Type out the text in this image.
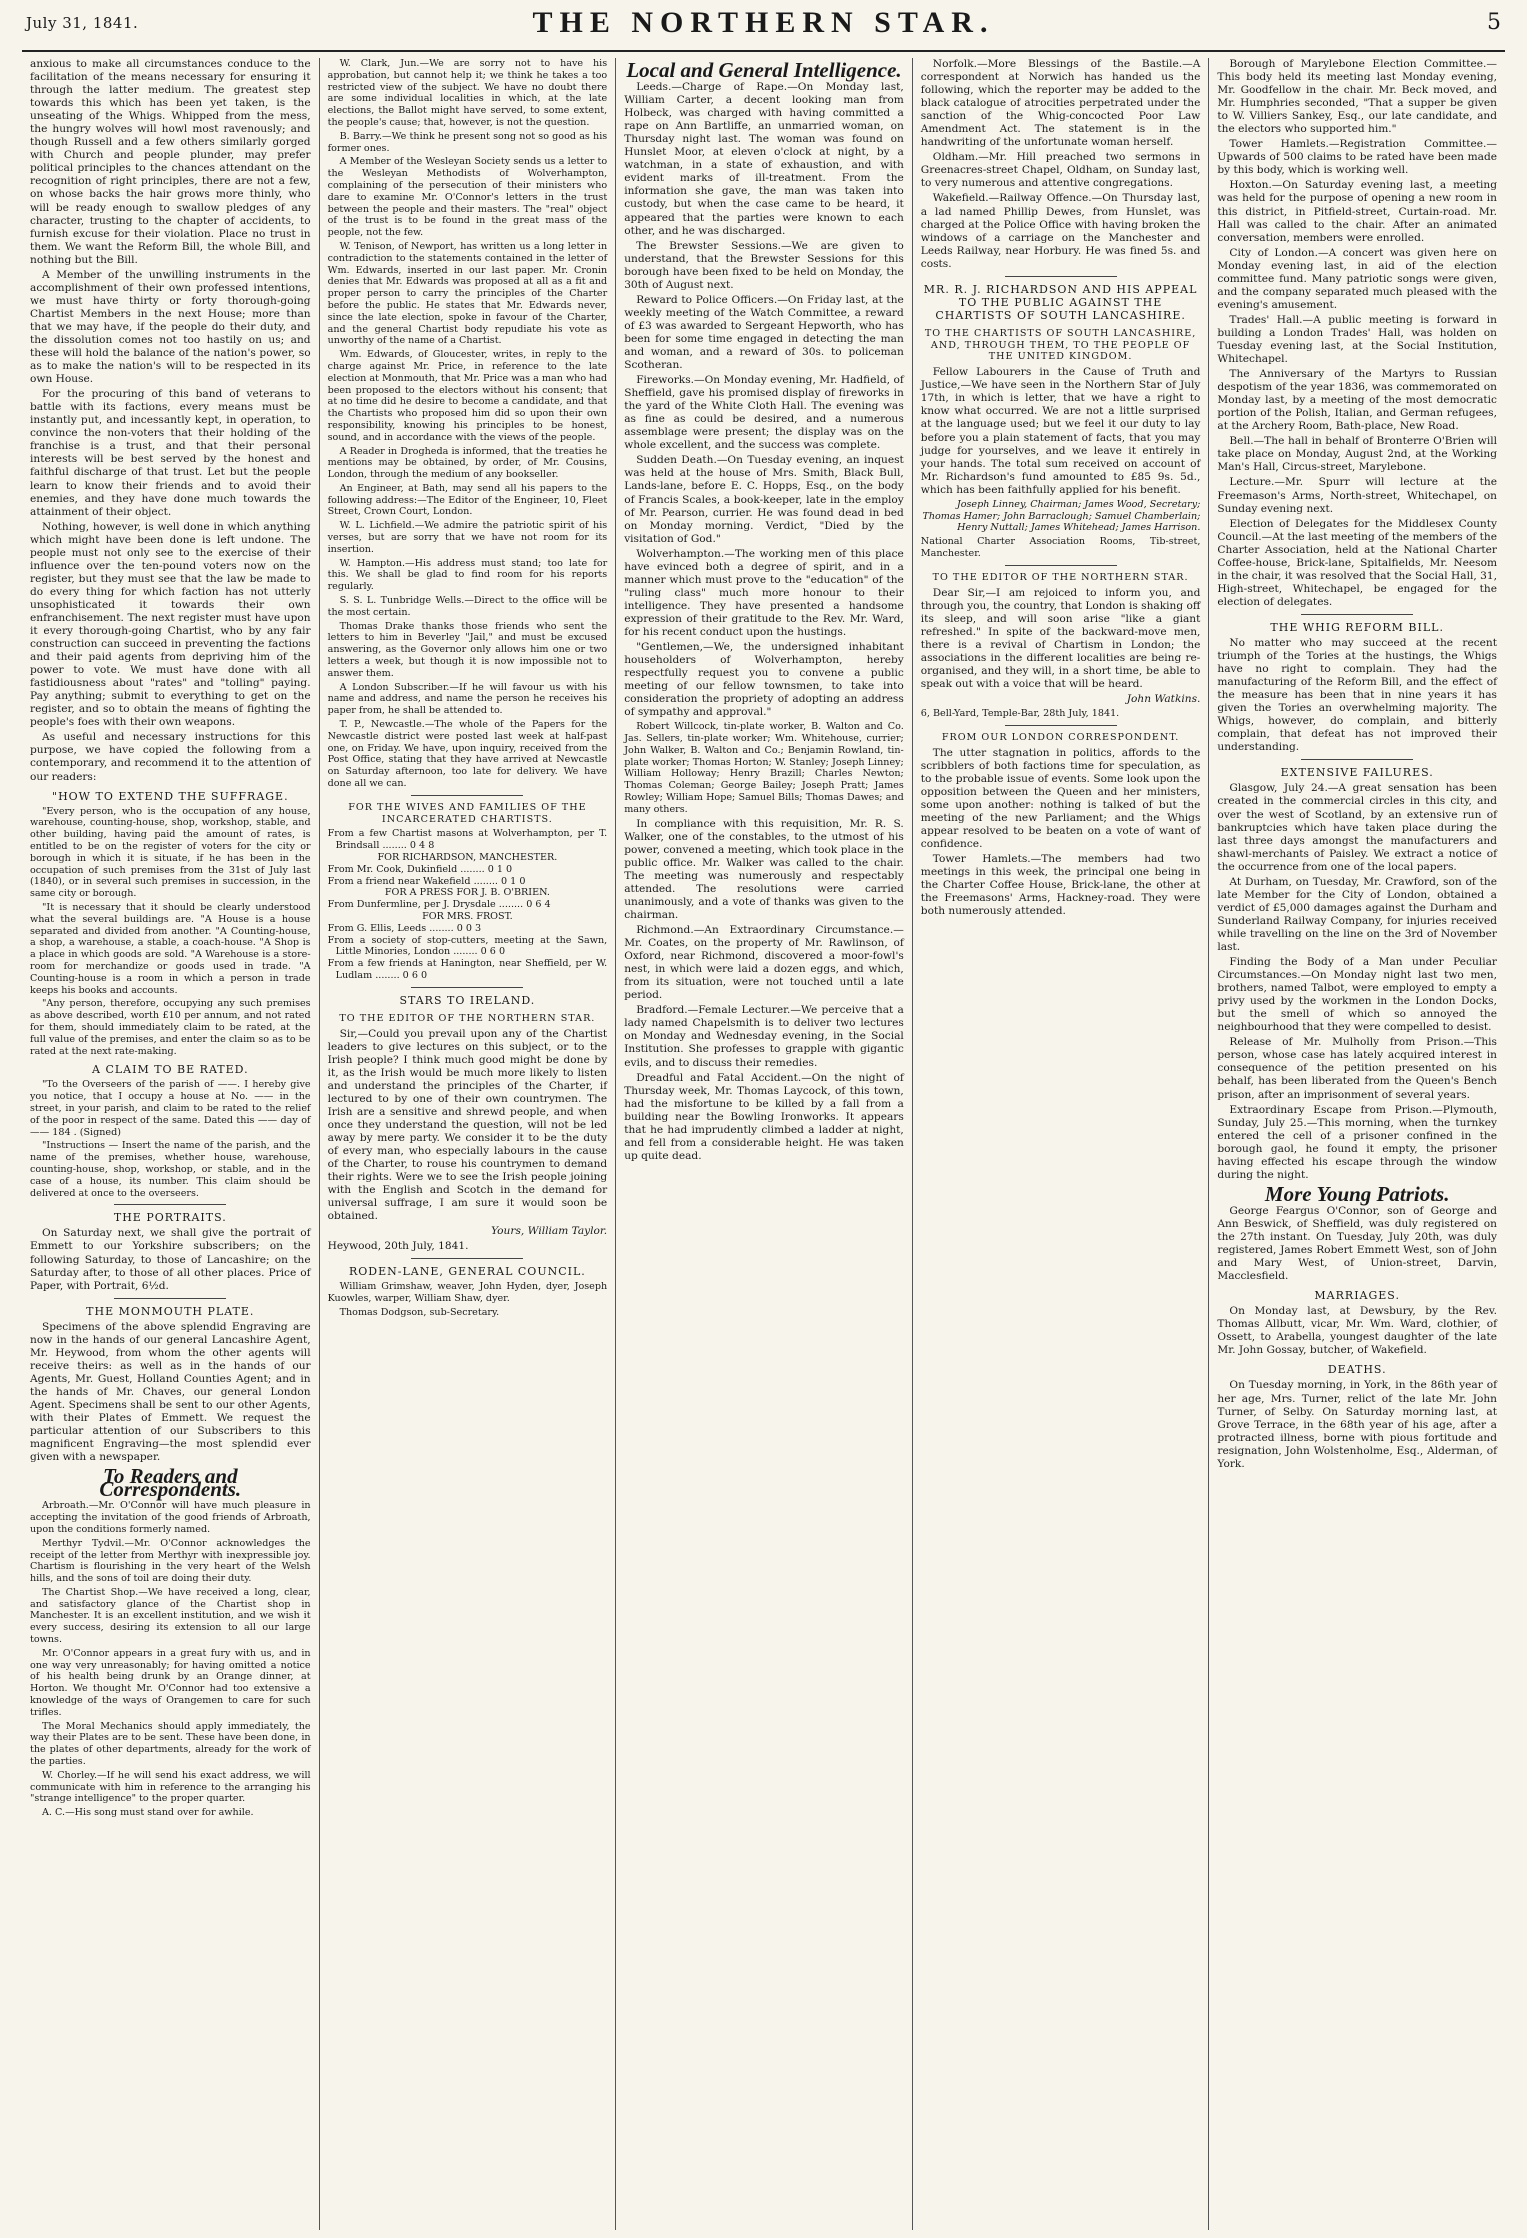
July 31, 1841.	THE NORTHERN STAR.	5

anxious to make all circumstances conduce to the facilitation of the means necessary for ensuring it through the latter medium. The greatest step towards this which has been yet taken, is the unseating of the Whigs. Whipped from the mess, the hungry wolves will howl most ravenously; and though Russell and a few others similarly gorged with Church and people plunder, may prefer political principles to the chances attendant on the recognition of right principles, there are not a few, on whose backs the hair grows more thinly, who will be ready enough to swallow pledges of any character, trusting to the chapter of accidents, to furnish excuse for their violation. Place no trust in them. We want the Reform Bill, the whole Bill, and nothing but the Bill.

A Member of the unwilling instruments in the accomplishment of their own professed intentions, we must have thirty or forty thorough-going Chartist Members in the next House; more than that we may have, if the people do their duty, and the dissolution comes not too hastily on us; and these will hold the balance of the nation's power, so as to make the nation's will to be respected in its own House.

For the procuring of this band of veterans to battle with its factions, every means must be instantly put, and incessantly kept, in operation, to convince the non-voters that their holding of the franchise is a trust, and that their personal interests will be best served by the honest and faithful discharge of that trust. Let but the people learn to know their friends and to avoid their enemies, and they have done much towards the attainment of their object.

Nothing, however, is well done in which anything which might have been done is left undone. The people must not only see to the exercise of their influence over the ten-pound voters now on the register, but they must see that the law be made to do every thing for which faction has not utterly unsophisticated it towards their own enfranchisement. The next register must have upon it every thorough-going Chartist, who by any fair construction can succeed in preventing the factions and their paid agents from depriving him of the power to vote. We must have done with all fastidiousness about "rates" and "tolling" paying. Pay anything; submit to everything to get on the register, and so to obtain the means of fighting the people's foes with their own weapons.

As useful and necessary instructions for this purpose, we have copied the following from a contemporary, and recommend it to the attention of our readers:

"HOW TO EXTEND THE SUFFRAGE.

"Every person, who is the occupation of any house, warehouse, counting-house, shop, workshop, stable, and other building, having paid the amount of rates, is entitled to be on the register of voters for the city or borough in which it is situate, if he has been in the occupation of such premises from the 31st of July last (1840), or in several such premises in succession, in the same city or borough.

"It is necessary that it should be clearly understood what the several buildings are. "A House is a house separated and divided from another. "A Counting-house, a shop, a warehouse, a stable, a coach-house. "A Shop is a place in which goods are sold. "A Warehouse is a store-room for merchandize or goods used in trade. "A Counting-house is a room in which a person in trade keeps his books and accounts.

"Any person, therefore, occupying any such premises as above described, worth £10 per annum, and not rated for them, should immediately claim to be rated, at the full value of the premises, and enter the claim so as to be rated at the next rate-making.

A CLAIM TO BE RATED.

"To the Overseers of the parish of ——. I hereby give you notice, that I occupy a house at No. —— in the street, in your parish, and claim to be rated to the relief of the poor in respect of the same. Dated this —— day of —— 184 . (Signed)

"Instructions — Insert the name of the parish, and the name of the premises, whether house, warehouse, counting-house, shop, workshop, or stable, and in the case of a house, its number. This claim should be delivered at once to the overseers.

THE PORTRAITS.

On Saturday next, we shall give the portrait of Emmett to our Yorkshire subscribers; on the following Saturday, to those of Lancashire; on the Saturday after, to those of all other places. Price of Paper, with Portrait, 6½d.

THE MONMOUTH PLATE.

Specimens of the above splendid Engraving are now in the hands of our general Lancashire Agent, Mr. Heywood, from whom the other agents will receive theirs: as well as in the hands of our Agents, Mr. Guest, Holland Counties Agent; and in the hands of Mr. Chaves, our general London Agent. Specimens shall be sent to our other Agents, with their Plates of Emmett. We request the particular attention of our Subscribers to this magnificent Engraving—the most splendid ever given with a newspaper.

To Readers and Correspondents.

Arbroath.—Mr. O'Connor will have much pleasure in accepting the invitation of the good friends of Arbroath, upon the conditions formerly named.

Merthyr Tydvil.—Mr. O'Connor acknowledges the receipt of the letter from Merthyr with inexpressible joy. Chartism is flourishing in the very heart of the Welsh hills, and the sons of toil are doing their duty.

The Chartist Shop.—We have received a long, clear, and satisfactory glance of the Chartist shop in Manchester. It is an excellent institution, and we wish it every success, desiring its extension to all our large towns.

Mr. O'Connor appears in a great fury with us, and in one way very unreasonably; for having omitted a notice of his health being drunk by an Orange dinner, at Horton. We thought Mr. O'Connor had too extensive a knowledge of the ways of Orangemen to care for such trifles.

The Moral Mechanics should apply immediately, the way their Plates are to be sent. These have been done, in the plates of other departments, already for the work of the parties.

W. Chorley.—If he will send his exact address, we will communicate with him in reference to the arranging his "strange intelligence" to the proper quarter.

A. C.—His song must stand over for awhile.

W. Clark, Jun.—We are sorry not to have his approbation, but cannot help it; we think he takes a too restricted view of the subject. We have no doubt there are some individual localities in which, at the late elections, the Ballot might have served, to some extent, the people's cause; that, however, is not the question.

B. Barry.—We think he present song not so good as his former ones.

A Member of the Wesleyan Society sends us a letter to the Wesleyan Methodists of Wolverhampton, complaining of the persecution of their ministers who dare to examine Mr. O'Connor's letters in the trust between the people and their masters. The "real" object of the trust is to be found in the great mass of the people, not the few.

W. Tenison, of Newport, has written us a long letter in contradiction to the statements contained in the letter of Wm. Edwards, inserted in our last paper. Mr. Cronin denies that Mr. Edwards was proposed at all as a fit and proper person to carry the principles of the Charter before the public. He states that Mr. Edwards never, since the late election, spoke in favour of the Charter, and the general Chartist body repudiate his vote as unworthy of the name of a Chartist.

Wm. Edwards, of Gloucester, writes, in reply to the charge against Mr. Price, in reference to the late election at Monmouth, that Mr. Price was a man who had been proposed to the electors without his consent; that at no time did he desire to become a candidate, and that the Chartists who proposed him did so upon their own responsibility, knowing his principles to be honest, sound, and in accordance with the views of the people.

A Reader in Drogheda is informed, that the treaties he mentions may be obtained, by order, of Mr. Cousins, London, through the medium of any bookseller.

An Engineer, at Bath, may send all his papers to the following address:—The Editor of the Engineer, 10, Fleet Street, Crown Court, London.

W. L. Lichfield.—We admire the patriotic spirit of his verses, but are sorry that we have not room for its insertion.

W. Hampton.—His address must stand; too late for this. We shall be glad to find room for his reports regularly.

S. S. L. Tunbridge Wells.—Direct to the office will be the most certain.

Thomas Drake thanks those friends who sent the letters to him in Beverley "Jail," and must be excused answering, as the Governor only allows him one or two letters a week, but though it is now impossible not to answer them.

A London Subscriber.—If he will favour us with his name and address, and name the person he receives his paper from, he shall be attended to.

T. P., Newcastle.—The whole of the Papers for the Newcastle district were posted last week at half-past one, on Friday. We have, upon inquiry, received from the Post Office, stating that they have arrived at Newcastle on Saturday afternoon, too late for delivery. We have done all we can.

FOR THE WIVES AND FAMILIES OF THE INCARCERATED CHARTISTS.
From a few Chartist masons at Wolverhampton, per T. Brindsall ........ 0 4 8
FOR RICHARDSON, MANCHESTER.
From Mr. Cook, Dukinfield ........ 0 1 0
From a friend near Wakefield ........ 0 1 0
FOR A PRESS FOR J. B. O'BRIEN.
From Dunfermline, per J. Drysdale ........ 0 6 4
FOR MRS. FROST.
From G. Ellis, Leeds ........ 0 0 3
From a society of stop-cutters, meeting at the Sawn, Little Minories, London ........ 0 6 0
From a few friends at Hanington, near Sheffield, per W. Ludlam ........ 0 6 0
STARS TO IRELAND.
TO THE EDITOR OF THE NORTHERN STAR.

Sir,—Could you prevail upon any of the Chartist leaders to give lectures on this subject, or to the Irish people? I think much good might be done by it, as the Irish would be much more likely to listen and understand the principles of the Charter, if lectured to by one of their own countrymen. The Irish are a sensitive and shrewd people, and when once they understand the question, will not be led away by mere party. We consider it to be the duty of every man, who especially labours in the cause of the Charter, to rouse his countrymen to demand their rights. Were we to see the Irish people joining with the English and Scotch in the demand for universal suffrage, I am sure it would soon be obtained.

Yours, William Taylor.

Heywood, 20th July, 1841.

RODEN-LANE, GENERAL COUNCIL.

William Grimshaw, weaver, John Hyden, dyer, Joseph Kuowles, warper, William Shaw, dyer.

Thomas Dodgson, sub-Secretary.

Local and General Intelligence.

Leeds.—Charge of Rape.—On Monday last, William Carter, a decent looking man from Holbeck, was charged with having committed a rape on Ann Bartliffe, an unmarried woman, on Thursday night last. The woman was found on Hunslet Moor, at eleven o'clock at night, by a watchman, in a state of exhaustion, and with evident marks of ill-treatment. From the information she gave, the man was taken into custody, but when the case came to be heard, it appeared that the parties were known to each other, and he was discharged.

The Brewster Sessions.—We are given to understand, that the Brewster Sessions for this borough have been fixed to be held on Monday, the 30th of August next.

Reward to Police Officers.—On Friday last, at the weekly meeting of the Watch Committee, a reward of £3 was awarded to Sergeant Hepworth, who has been for some time engaged in detecting the man and woman, and a reward of 30s. to policeman Scotheran.

Fireworks.—On Monday evening, Mr. Hadfield, of Sheffield, gave his promised display of fireworks in the yard of the White Cloth Hall. The evening was as fine as could be desired, and a numerous assemblage were present; the display was on the whole excellent, and the success was complete.

Sudden Death.—On Tuesday evening, an inquest was held at the house of Mrs. Smith, Black Bull, Lands-lane, before E. C. Hopps, Esq., on the body of Francis Scales, a book-keeper, late in the employ of Mr. Pearson, currier. He was found dead in bed on Monday morning. Verdict, "Died by the visitation of God."

Wolverhampton.—The working men of this place have evinced both a degree of spirit, and in a manner which must prove to the "education" of the "ruling class" much more honour to their intelligence. They have presented a handsome expression of their gratitude to the Rev. Mr. Ward, for his recent conduct upon the hustings.

"Gentlemen,—We, the undersigned inhabitant householders of Wolverhampton, hereby respectfully request you to convene a public meeting of our fellow townsmen, to take into consideration the propriety of adopting an address of sympathy and approval."

Robert Willcock, tin-plate worker, B. Walton and Co. Jas. Sellers, tin-plate worker; Wm. Whitehouse, currier; John Walker, B. Walton and Co.; Benjamin Rowland, tin-plate worker; Thomas Horton; W. Stanley; Joseph Linney; William Holloway; Henry Brazill; Charles Newton; Thomas Coleman; George Bailey; Joseph Pratt; James Rowley; William Hope; Samuel Bills; Thomas Dawes; and many others.

In compliance with this requisition, Mr. R. S. Walker, one of the constables, to the utmost of his power, convened a meeting, which took place in the public office. Mr. Walker was called to the chair. The meeting was numerously and respectably attended. The resolutions were carried unanimously, and a vote of thanks was given to the chairman.

Richmond.—An Extraordinary Circumstance.—Mr. Coates, on the property of Mr. Rawlinson, of Oxford, near Richmond, discovered a moor-fowl's nest, in which were laid a dozen eggs, and which, from its situation, were not touched until a late period.

Bradford.—Female Lecturer.—We perceive that a lady named Chapelsmith is to deliver two lectures on Monday and Wednesday evening, in the Social Institution. She professes to grapple with gigantic evils, and to discuss their remedies.

Dreadful and Fatal Accident.—On the night of Thursday week, Mr. Thomas Laycock, of this town, had the misfortune to be killed by a fall from a building near the Bowling Ironworks. It appears that he had imprudently climbed a ladder at night, and fell from a considerable height. He was taken up quite dead.

Norfolk.—More Blessings of the Bastile.—A correspondent at Norwich has handed us the following, which the reporter may be added to the black catalogue of atrocities perpetrated under the sanction of the Whig-concocted Poor Law Amendment Act. The statement is in the handwriting of the unfortunate woman herself.

Oldham.—Mr. Hill preached two sermons in Greenacres-street Chapel, Oldham, on Sunday last, to very numerous and attentive congregations.

Wakefield.—Railway Offence.—On Thursday last, a lad named Phillip Dewes, from Hunslet, was charged at the Police Office with having broken the windows of a carriage on the Manchester and Leeds Railway, near Horbury. He was fined 5s. and costs.

MR. R. J. RICHARDSON AND HIS APPEAL TO THE PUBLIC AGAINST THE CHARTISTS OF SOUTH LANCASHIRE.
TO THE CHARTISTS OF SOUTH LANCASHIRE, AND, THROUGH THEM, TO THE PEOPLE OF THE UNITED KINGDOM.

Fellow Labourers in the Cause of Truth and Justice,—We have seen in the Northern Star of July 17th, in which is letter, that we have a right to know what occurred. We are not a little surprised at the language used; but we feel it our duty to lay before you a plain statement of facts, that you may judge for yourselves, and we leave it entirely in your hands. The total sum received on account of Mr. Richardson's fund amounted to £85 9s. 5d., which has been faithfully applied for his benefit.

Joseph Linney, Chairman; James Wood, Secretary; Thomas Hamer; John Barraclough; Samuel Chamberlain; Henry Nuttall; James Whitehead; James Harrison.

National Charter Association Rooms, Tib-street, Manchester.

TO THE EDITOR OF THE NORTHERN STAR.

Dear Sir,—I am rejoiced to inform you, and through you, the country, that London is shaking off its sleep, and will soon arise "like a giant refreshed." In spite of the backward-move men, there is a revival of Chartism in London; the associations in the different localities are being re-organised, and they will, in a short time, be able to speak out with a voice that will be heard.

John Watkins.

6, Bell-Yard, Temple-Bar, 28th July, 1841.

FROM OUR LONDON CORRESPONDENT.

The utter stagnation in politics, affords to the scribblers of both factions time for speculation, as to the probable issue of events. Some look upon the opposition between the Queen and her ministers, some upon another: nothing is talked of but the meeting of the new Parliament; and the Whigs appear resolved to be beaten on a vote of want of confidence.

Tower Hamlets.—The members had two meetings in this week, the principal one being in the Charter Coffee House, Brick-lane, the other at the Freemasons' Arms, Hackney-road. They were both numerously attended.

Borough of Marylebone Election Committee.—This body held its meeting last Monday evening, Mr. Goodfellow in the chair. Mr. Beck moved, and Mr. Humphries seconded, "That a supper be given to W. Villiers Sankey, Esq., our late candidate, and the electors who supported him."

Tower Hamlets.—Registration Committee.—Upwards of 500 claims to be rated have been made by this body, which is working well.

Hoxton.—On Saturday evening last, a meeting was held for the purpose of opening a new room in this district, in Pitfield-street, Curtain-road. Mr. Hall was called to the chair. After an animated conversation, members were enrolled.

City of London.—A concert was given here on Monday evening last, in aid of the election committee fund. Many patriotic songs were given, and the company separated much pleased with the evening's amusement.

Trades' Hall.—A public meeting is forward in building a London Trades' Hall, was holden on Tuesday evening last, at the Social Institution, Whitechapel.

The Anniversary of the Martyrs to Russian despotism of the year 1836, was commemorated on Monday last, by a meeting of the most democratic portion of the Polish, Italian, and German refugees, at the Archery Room, Bath-place, New Road.

Bell.—The hall in behalf of Bronterre O'Brien will take place on Monday, August 2nd, at the Working Man's Hall, Circus-street, Marylebone.

Lecture.—Mr. Spurr will lecture at the Freemason's Arms, North-street, Whitechapel, on Sunday evening next.

Election of Delegates for the Middlesex County Council.—At the last meeting of the members of the Charter Association, held at the National Charter Coffee-house, Brick-lane, Spitalfields, Mr. Neesom in the chair, it was resolved that the Social Hall, 31, High-street, Whitechapel, be engaged for the election of delegates.

THE WHIG REFORM BILL.

No matter who may succeed at the recent triumph of the Tories at the hustings, the Whigs have no right to complain. They had the manufacturing of the Reform Bill, and the effect of the measure has been that in nine years it has given the Tories an overwhelming majority. The Whigs, however, do complain, and bitterly complain, that defeat has not improved their understanding.

EXTENSIVE FAILURES.

Glasgow, July 24.—A great sensation has been created in the commercial circles in this city, and over the west of Scotland, by an extensive run of bankruptcies which have taken place during the last three days amongst the manufacturers and shawl-merchants of Paisley. We extract a notice of the occurrence from one of the local papers.

At Durham, on Tuesday, Mr. Crawford, son of the late Member for the City of London, obtained a verdict of £5,000 damages against the Durham and Sunderland Railway Company, for injuries received while travelling on the line on the 3rd of November last.

Finding the Body of a Man under Peculiar Circumstances.—On Monday night last two men, brothers, named Talbot, were employed to empty a privy used by the workmen in the London Docks, but the smell of which so annoyed the neighbourhood that they were compelled to desist.

Release of Mr. Mulholly from Prison.—This person, whose case has lately acquired interest in consequence of the petition presented on his behalf, has been liberated from the Queen's Bench prison, after an imprisonment of several years.

Extraordinary Escape from Prison.—Plymouth, Sunday, July 25.—This morning, when the turnkey entered the cell of a prisoner confined in the borough gaol, he found it empty, the prisoner having effected his escape through the window during the night.

More Young Patriots.

George Feargus O'Connor, son of George and Ann Beswick, of Sheffield, was duly registered on the 27th instant. On Tuesday, July 20th, was duly registered, James Robert Emmett West, son of John and Mary West, of Union-street, Darvin, Macclesfield.

MARRIAGES.

On Monday last, at Dewsbury, by the Rev. Thomas Allbutt, vicar, Mr. Wm. Ward, clothier, of Ossett, to Arabella, youngest daughter of the late Mr. John Gossay, butcher, of Wakefield.

DEATHS.

On Tuesday morning, in York, in the 86th year of her age, Mrs. Turner, relict of the late Mr. John Turner, of Selby. On Saturday morning last, at Grove Terrace, in the 68th year of his age, after a protracted illness, borne with pious fortitude and resignation, John Wolstenholme, Esq., Alderman, of York.
